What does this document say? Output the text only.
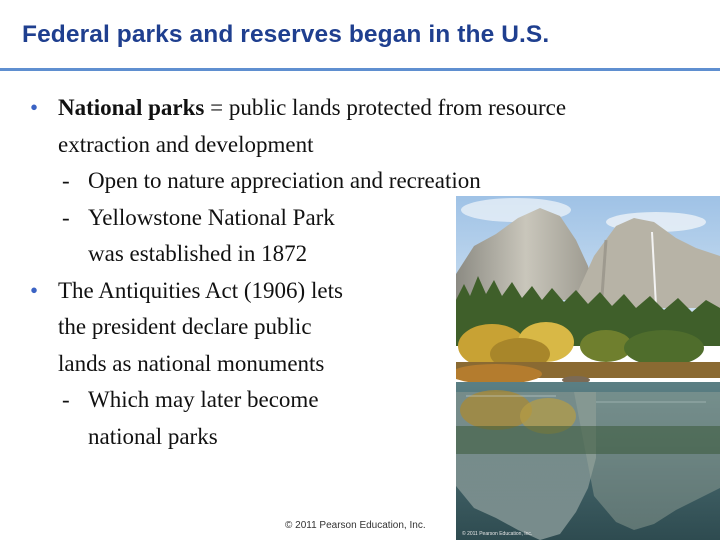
Federal parks and reserves began in the U.S.
• National parks = public lands protected from resource
extraction and development
- Open to nature appreciation and recreation
- Yellowstone National Park
was established in 1872
• The Antiquities Act (1906) lets
the president declare public
lands as national monuments
- Which may later become
national parks
© 2011 Pearson Education, Inc.
© 2011 Pearson Education, Inc.
